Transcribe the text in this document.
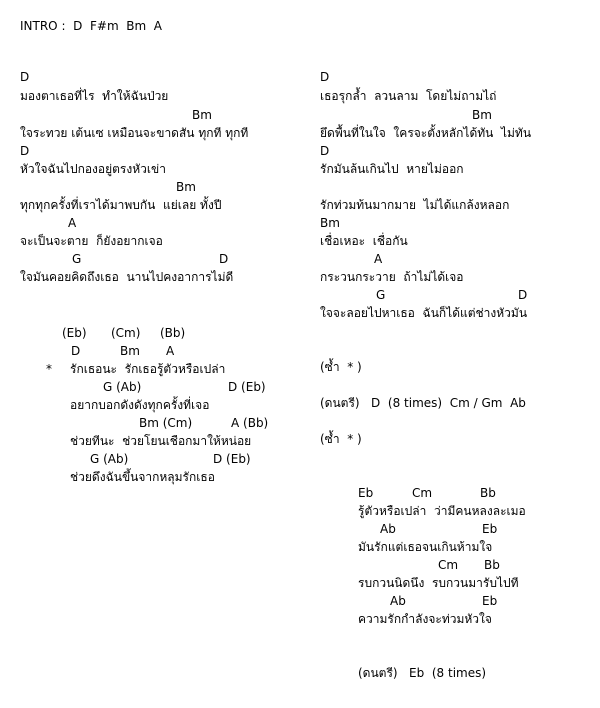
INTRO :  D  F#m  Bm  A
D
มองตาเธอที่ไร  ทำให้ฉันป่วย
Bm
ใจระทวย เต้นเซ เหมือนจะขาดสัน ทุกที ทุกที
D
หัวใจฉันไปกองอยู่ตรงหัวเข่า
Bm
ทุกทุกครั้งที่เราได้มาพบกัน  แย่เลย ทั้งปี
A
จะเป็นจะตาย  ก็ยังอยากเจอ
G	D
ใจมันคอยคิดถึงเธอ  นานไปคงอาการไม่ดี
(Eb) (Cm) (Bb)
D	Bm A
* รักเธอนะ  รักเธอรู้ตัวหรือเปล่า
G (Ab)	D (Eb)
อยากบอกดังดังทุกครั้งที่เจอ
Bm (Cm)	A (Bb)
ช่วยทีนะ  ช่วยโยนเชือกมาให้หน่อย
G (Ab)	D (Eb)
ช่วยดึงฉันขึ้นจากหลุมรักเธอ
D
เธอรุกล้ำ  ลวนลาม  โดยไม่ถามไถ่
Bm
ยึดพื้นที่ในใจ  ใครจะตั้งหลักได้ทัน  ไม่ทัน
D
รักมันล้นเกินไป  หายไม่ออก
รักท่วมท้นมากมาย  ไม่ได้แกล้งหลอก
Bm
เชื่อเหอะ  เชื่อกัน
A
กระวนกระวาย  ถ้าไม่ได้เจอ
G	D
ใจจะลอยไปหาเธอ  ฉันก็ได้แต่ช่างหัวมัน
(ซ้ำ  * )
(ดนตรี)   D  (8 times)  Cm / Gm  Ab
(ซ้ำ  * )
Eb	Cm	Bb
รู้ตัวหรือเปล่า  ว่ามีคนหลงละเมอ
Ab	Eb
มันรักแต่เธอจนเกินห้ามใจ
Cm Bb
รบกวนนิดนึง  รบกวนมารับไปที
Ab	Eb
ความรักกำลังจะท่วมหัวใจ
(ดนตรี)   Eb  (8 times)
